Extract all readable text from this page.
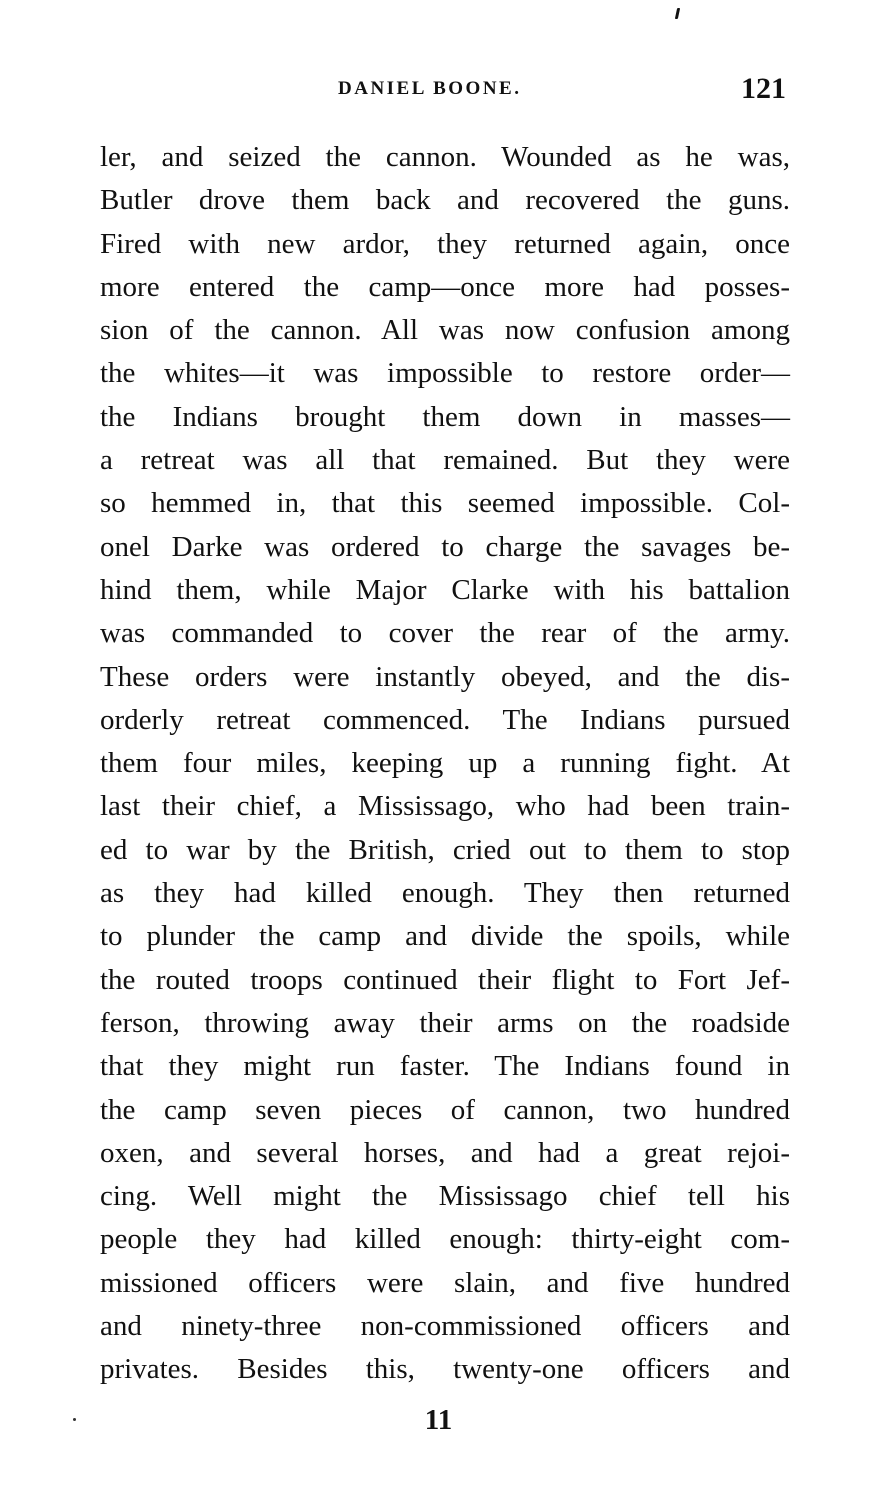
DANIEL BOONE.	121
ler, and seized the cannon. Wounded as he was,
Butler drove them back and recovered the guns.
Fired with new ardor, they returned again, once
more entered the camp—once more had posses-
sion of the cannon. All was now confusion among
the whites—it was impossible to restore order—
the Indians brought them down in masses—
a retreat was all that remained. But they were
so hemmed in, that this seemed impossible. Col-
onel Darke was ordered to charge the savages be-
hind them, while Major Clarke with his battalion
was commanded to cover the rear of the army.
These orders were instantly obeyed, and the dis-
orderly retreat commenced. The Indians pursued
them four miles, keeping up a running fight. At
last their chief, a Mississago, who had been train-
ed to war by the British, cried out to them to stop
as they had killed enough. They then returned
to plunder the camp and divide the spoils, while
the routed troops continued their flight to Fort Jef-
ferson, throwing away their arms on the roadside
that they might run faster. The Indians found in
the camp seven pieces of cannon, two hundred
oxen, and several horses, and had a great rejoi-
cing. Well might the Mississago chief tell his
people they had killed enough: thirty-eight com-
missioned officers were slain, and five hundred
and ninety-three non-commissioned officers and
privates. Besides this, twenty-one officers and
11
